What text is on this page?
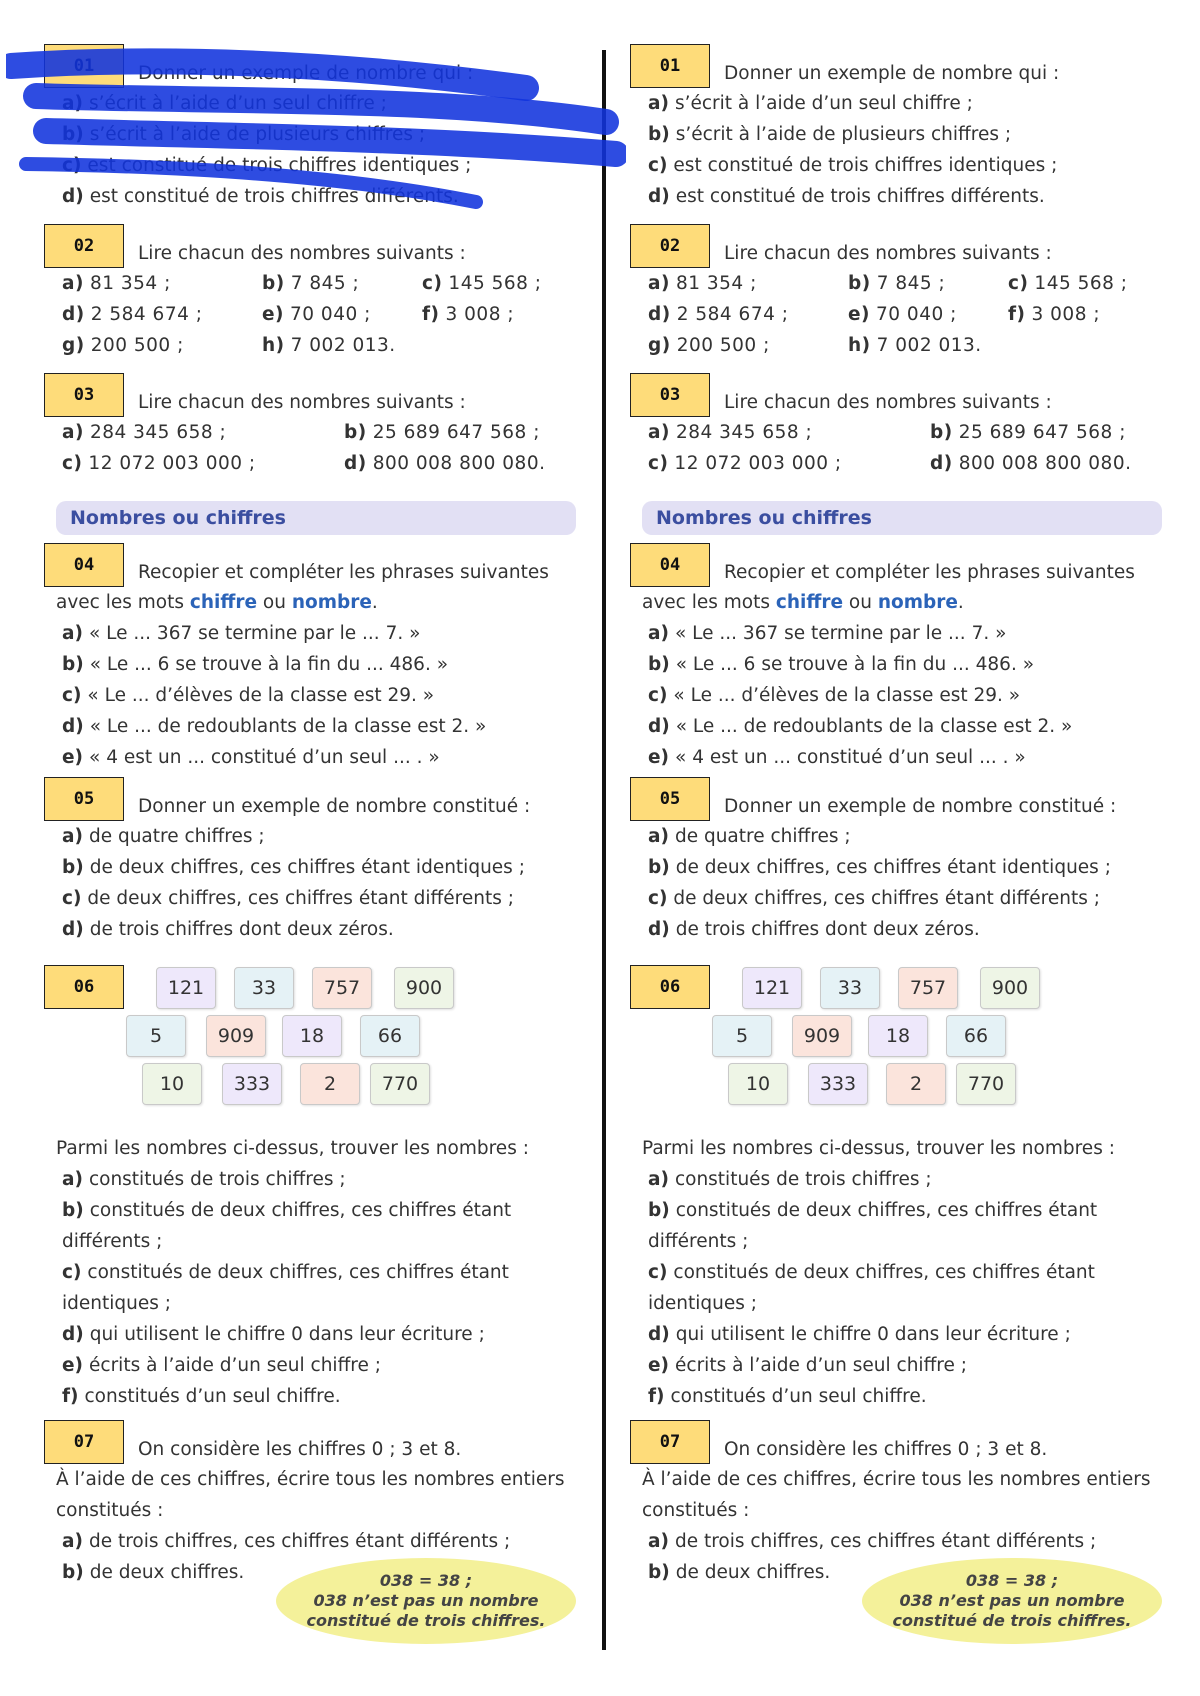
01	Donner un exemple de nombre qui :
a) s’écrit à l’aide d’un seul chiffre ;
b) s’écrit à l’aide de plusieurs chiffres ;
c) est constitué de trois chiffres identiques ;
d) est constitué de trois chiffres différents.
02	Lire chacun des nombres suivants :
a) 81 354 ;	b) 7 845 ;	c) 145 568 ;
d) 2 584 674 ;	e) 70 040 ;	f) 3 008 ;
g) 200 500 ;	h) 7 002 013.
03	Lire chacun des nombres suivants :
a) 284 345 658 ;	b) 25 689 647 568 ;
c) 12 072 003 000 ;	d) 800 008 800 080.
Nombres ou chiffres
04	Recopier et compléter les phrases suivantes
avec les mots chiffre ou nombre.
a) « Le ... 367 se termine par le ... 7. »
b) « Le ... 6 se trouve à la fin du ... 486. »
c) « Le ... d’élèves de la classe est 29. »
d) « Le ... de redoublants de la classe est 2. »
e) « 4 est un ... constitué d’un seul ... . »
05	Donner un exemple de nombre constitué :
a) de quatre chiffres ;
b) de deux chiffres, ces chiffres étant identiques ;
c) de deux chiffres, ces chiffres étant différents ;
d) de trois chiffres dont deux zéros.
06	121	33	757	900
5	909	18	66
10	333	2	770
Parmi les nombres ci-dessus, trouver les nombres :
a) constitués de trois chiffres ;
b) constitués de deux chiffres, ces chiffres étant différents ;
c) constitués de deux chiffres, ces chiffres étant identiques ;
d) qui utilisent le chiffre 0 dans leur écriture ;
e) écrits à l’aide d’un seul chiffre ;
f) constitués d’un seul chiffre.
07	On considère les chiffres 0 ; 3 et 8.
À l’aide de ces chiffres, écrire tous les nombres entiers constitués :
a) de trois chiffres, ces chiffres étant différents ;
b) de deux chiffres.	038 = 38 ;
038 n’est pas un nombre
constitué de trois chiffres.
01	Donner un exemple de nombre qui :
a) s’écrit à l’aide d’un seul chiffre ;
b) s’écrit à l’aide de plusieurs chiffres ;
c) est constitué de trois chiffres identiques ;
d) est constitué de trois chiffres différents.
02	Lire chacun des nombres suivants :
a) 81 354 ;	b) 7 845 ;	c) 145 568 ;
d) 2 584 674 ;	e) 70 040 ;	f) 3 008 ;
g) 200 500 ;	h) 7 002 013.
03	Lire chacun des nombres suivants :
a) 284 345 658 ;	b) 25 689 647 568 ;
c) 12 072 003 000 ;	d) 800 008 800 080.
Nombres ou chiffres
04	Recopier et compléter les phrases suivantes
avec les mots chiffre ou nombre.
a) « Le ... 367 se termine par le ... 7. »
b) « Le ... 6 se trouve à la fin du ... 486. »
c) « Le ... d’élèves de la classe est 29. »
d) « Le ... de redoublants de la classe est 2. »
e) « 4 est un ... constitué d’un seul ... . »
05	Donner un exemple de nombre constitué :
a) de quatre chiffres ;
b) de deux chiffres, ces chiffres étant identiques ;
c) de deux chiffres, ces chiffres étant différents ;
d) de trois chiffres dont deux zéros.
06	121	33	757	900
5	909	18	66
10	333	2	770
Parmi les nombres ci-dessus, trouver les nombres :
a) constitués de trois chiffres ;
b) constitués de deux chiffres, ces chiffres étant différents ;
c) constitués de deux chiffres, ces chiffres étant identiques ;
d) qui utilisent le chiffre 0 dans leur écriture ;
e) écrits à l’aide d’un seul chiffre ;
f) constitués d’un seul chiffre.
07	On considère les chiffres 0 ; 3 et 8.
À l’aide de ces chiffres, écrire tous les nombres entiers constitués :
a) de trois chiffres, ces chiffres étant différents ;
b) de deux chiffres.	038 = 38 ;
038 n’est pas un nombre
constitué de trois chiffres.
